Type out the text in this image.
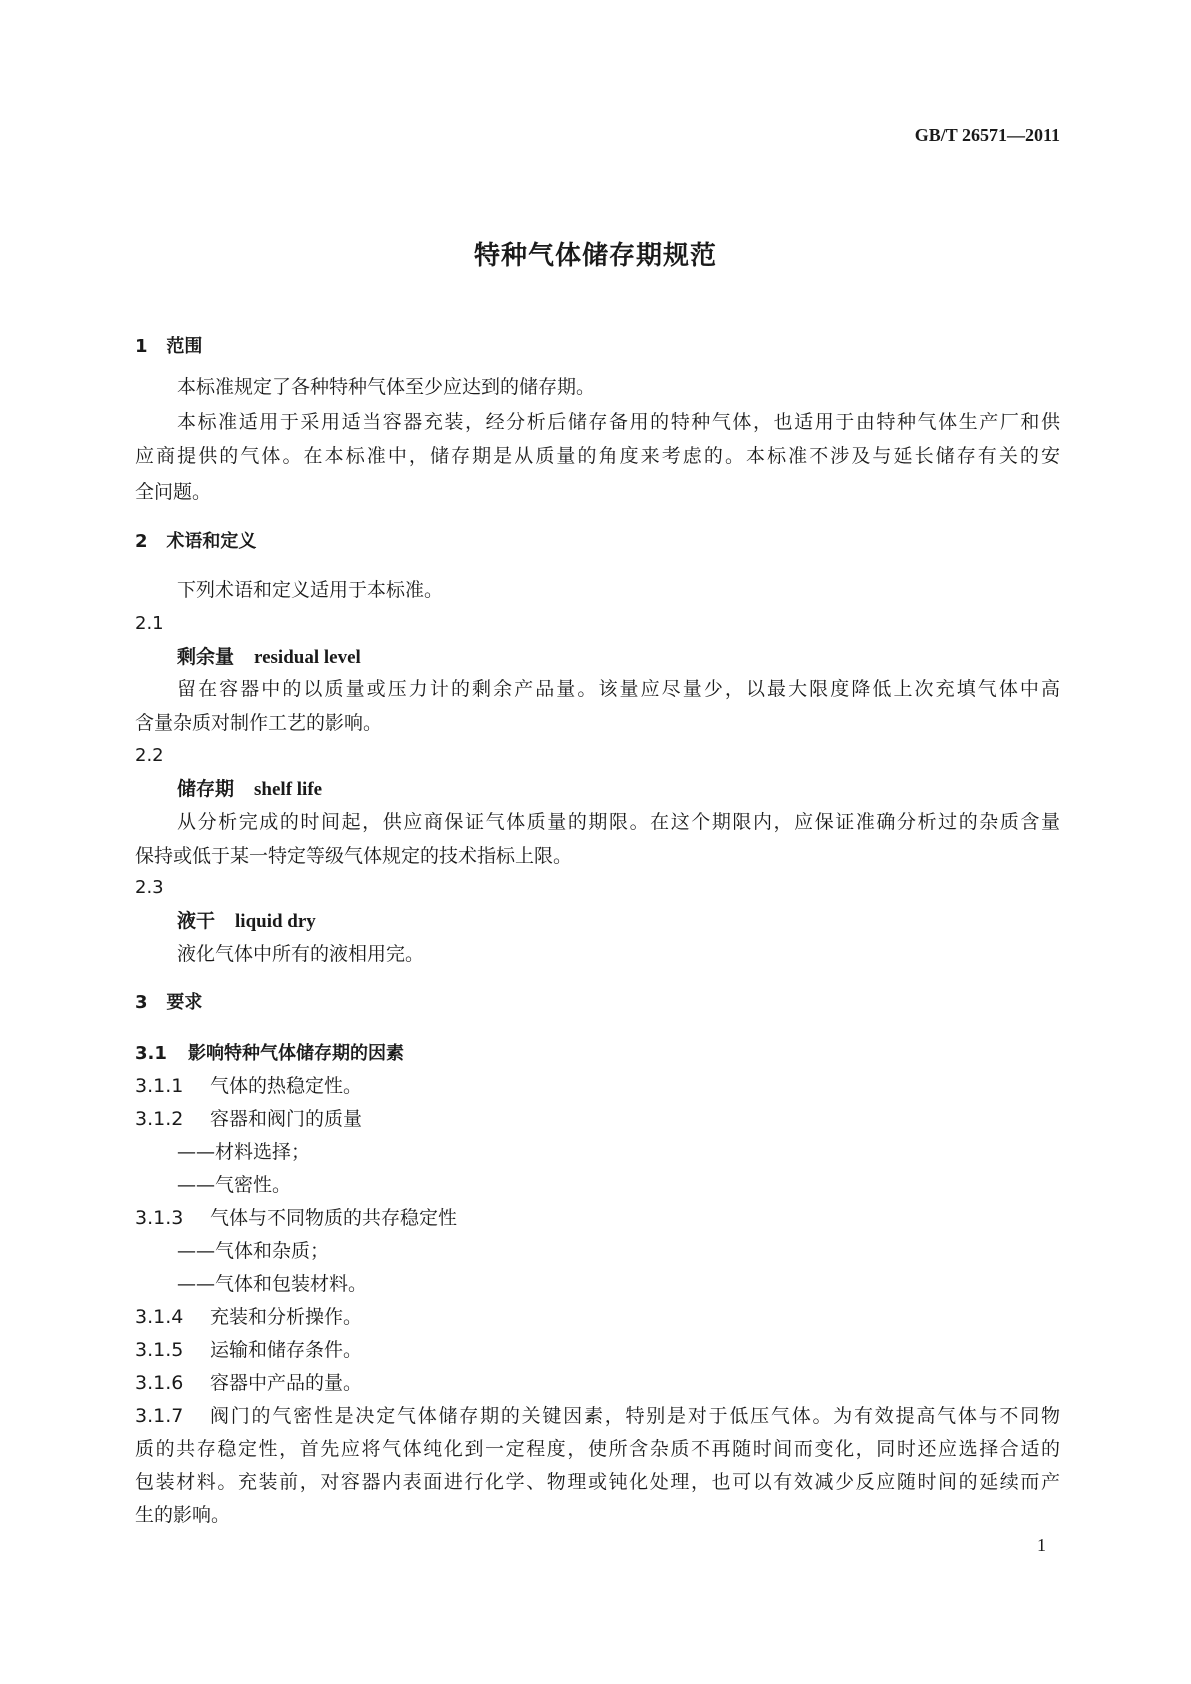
GB/T 26571—2011
特种气体储存期规范
1 范围
本标准规定了各种特种气体至少应达到的储存期。
本标准适用于采用适当容器充装，经分析后储存备用的特种气体，也适用于由特种气体生产厂和供
应商提供的气体。在本标准中，储存期是从质量的角度来考虑的。本标准不涉及与延长储存有关的安
全问题。
2 术语和定义
下列术语和定义适用于本标准。
2.1
剩余量 residual level
留在容器中的以质量或压力计的剩余产品量。该量应尽量少，以最大限度降低上次充填气体中高
含量杂质对制作工艺的影响。
2.2
储存期 shelf life
从分析完成的时间起，供应商保证气体质量的期限。在这个期限内，应保证准确分析过的杂质含量
保持或低于某一特定等级气体规定的技术指标上限。
2.3
液干 liquid dry
液化气体中所有的液相用完。
3 要求
3.1 影响特种气体储存期的因素
3.1.1 气体的热稳定性。
3.1.2 容器和阀门的质量
——材料选择；
——气密性。
3.1.3 气体与不同物质的共存稳定性
——气体和杂质；
——气体和包装材料。
3.1.4 充装和分析操作。
3.1.5 运输和储存条件。
3.1.6 容器中产品的量。
3.1.7	阀门的气密性是决定气体储存期的关键因素，特别是对于低压气体。为有效提高气体与不同物
质的共存稳定性，首先应将气体纯化到一定程度，使所含杂质不再随时间而变化，同时还应选择合适的
包装材料。充装前，对容器内表面进行化学、物理或钝化处理，也可以有效减少反应随时间的延续而产
生的影响。
1
